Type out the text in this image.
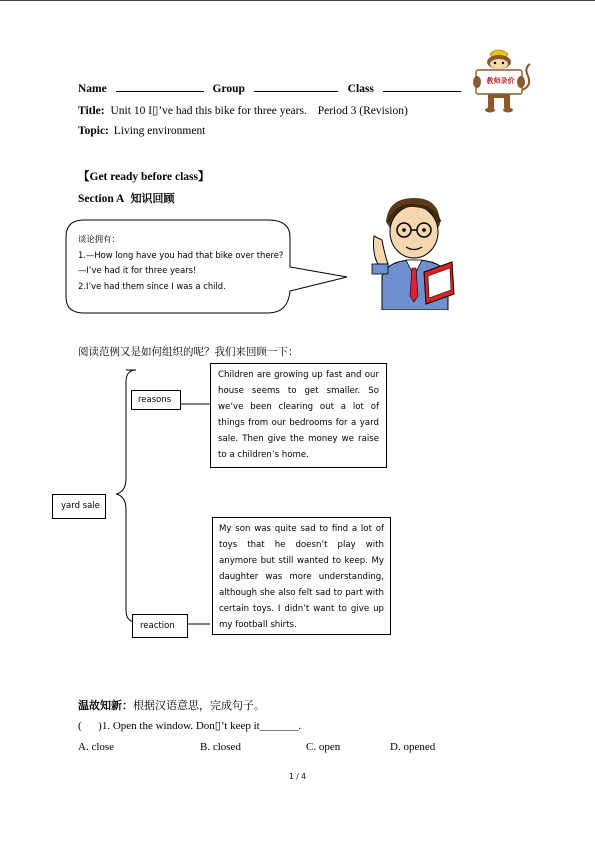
Name	Group	Class
Title: Unit 10 I▯’ve had this bike for three years. Period 3 (Revision)
Topic: Living environment
教师录价
【Get ready before class】
Section A 知识回顾
谈论拥有：
1.—How long have you had that bike over there?
—I’ve had it for three years!
2.I’ve had them since I was a child.
阅读范例又是如何组织的呢？我们来回顾一下：
yard sale
reasons
reaction
Children are growing up fast and our house seems to get smaller. So we’ve been clearing out a lot of things from our bedrooms for a yard sale. Then give the money we raise to a children’s home.
My son was quite sad to find a lot of toys that he doesn’t play with anymore but still wanted to keep. My daughter was more understanding, although she also felt sad to part with certain toys. I didn’t want to give up my football shirts.
温故知新：根据汉语意思，完成句子。
(      )1. Open the window. Don▯’t keep it_______.
A. close	B. closed	C. open	D. opened
1 / 4
